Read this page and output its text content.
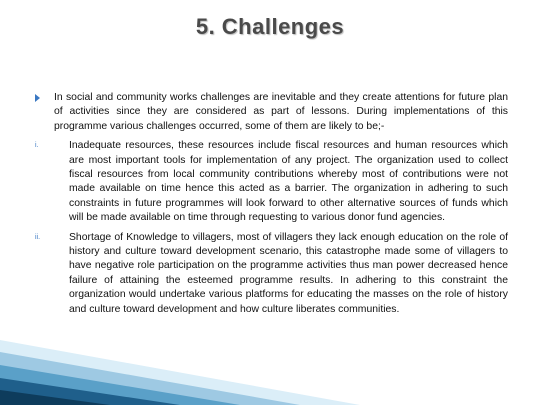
5. Challenges
In social and community works challenges are inevitable and they create attentions for future plan of activities since they are considered as part of lessons. During implementations of this programme various challenges occurred, some of them are likely to be;-
i.	Inadequate resources, these resources include fiscal resources and human resources which are most important tools for implementation of any project. The organization used to collect fiscal resources from local community contributions whereby most of contributions were not made available on time hence this acted as a barrier. The organization in adhering to such constraints in future programmes will look forward to other alternative sources of funds which will be made available on time through requesting to various donor fund agencies.
ii.	Shortage of Knowledge to villagers, most of villagers they lack enough education on the role of history and culture toward development scenario, this catastrophe made some of villagers to have negative role participation on the programme activities thus man power decreased hence failure of attaining the esteemed programme results. In adhering to this constraint the organization would undertake various platforms for educating the masses on the role of history and culture toward development and how culture liberates communities.
